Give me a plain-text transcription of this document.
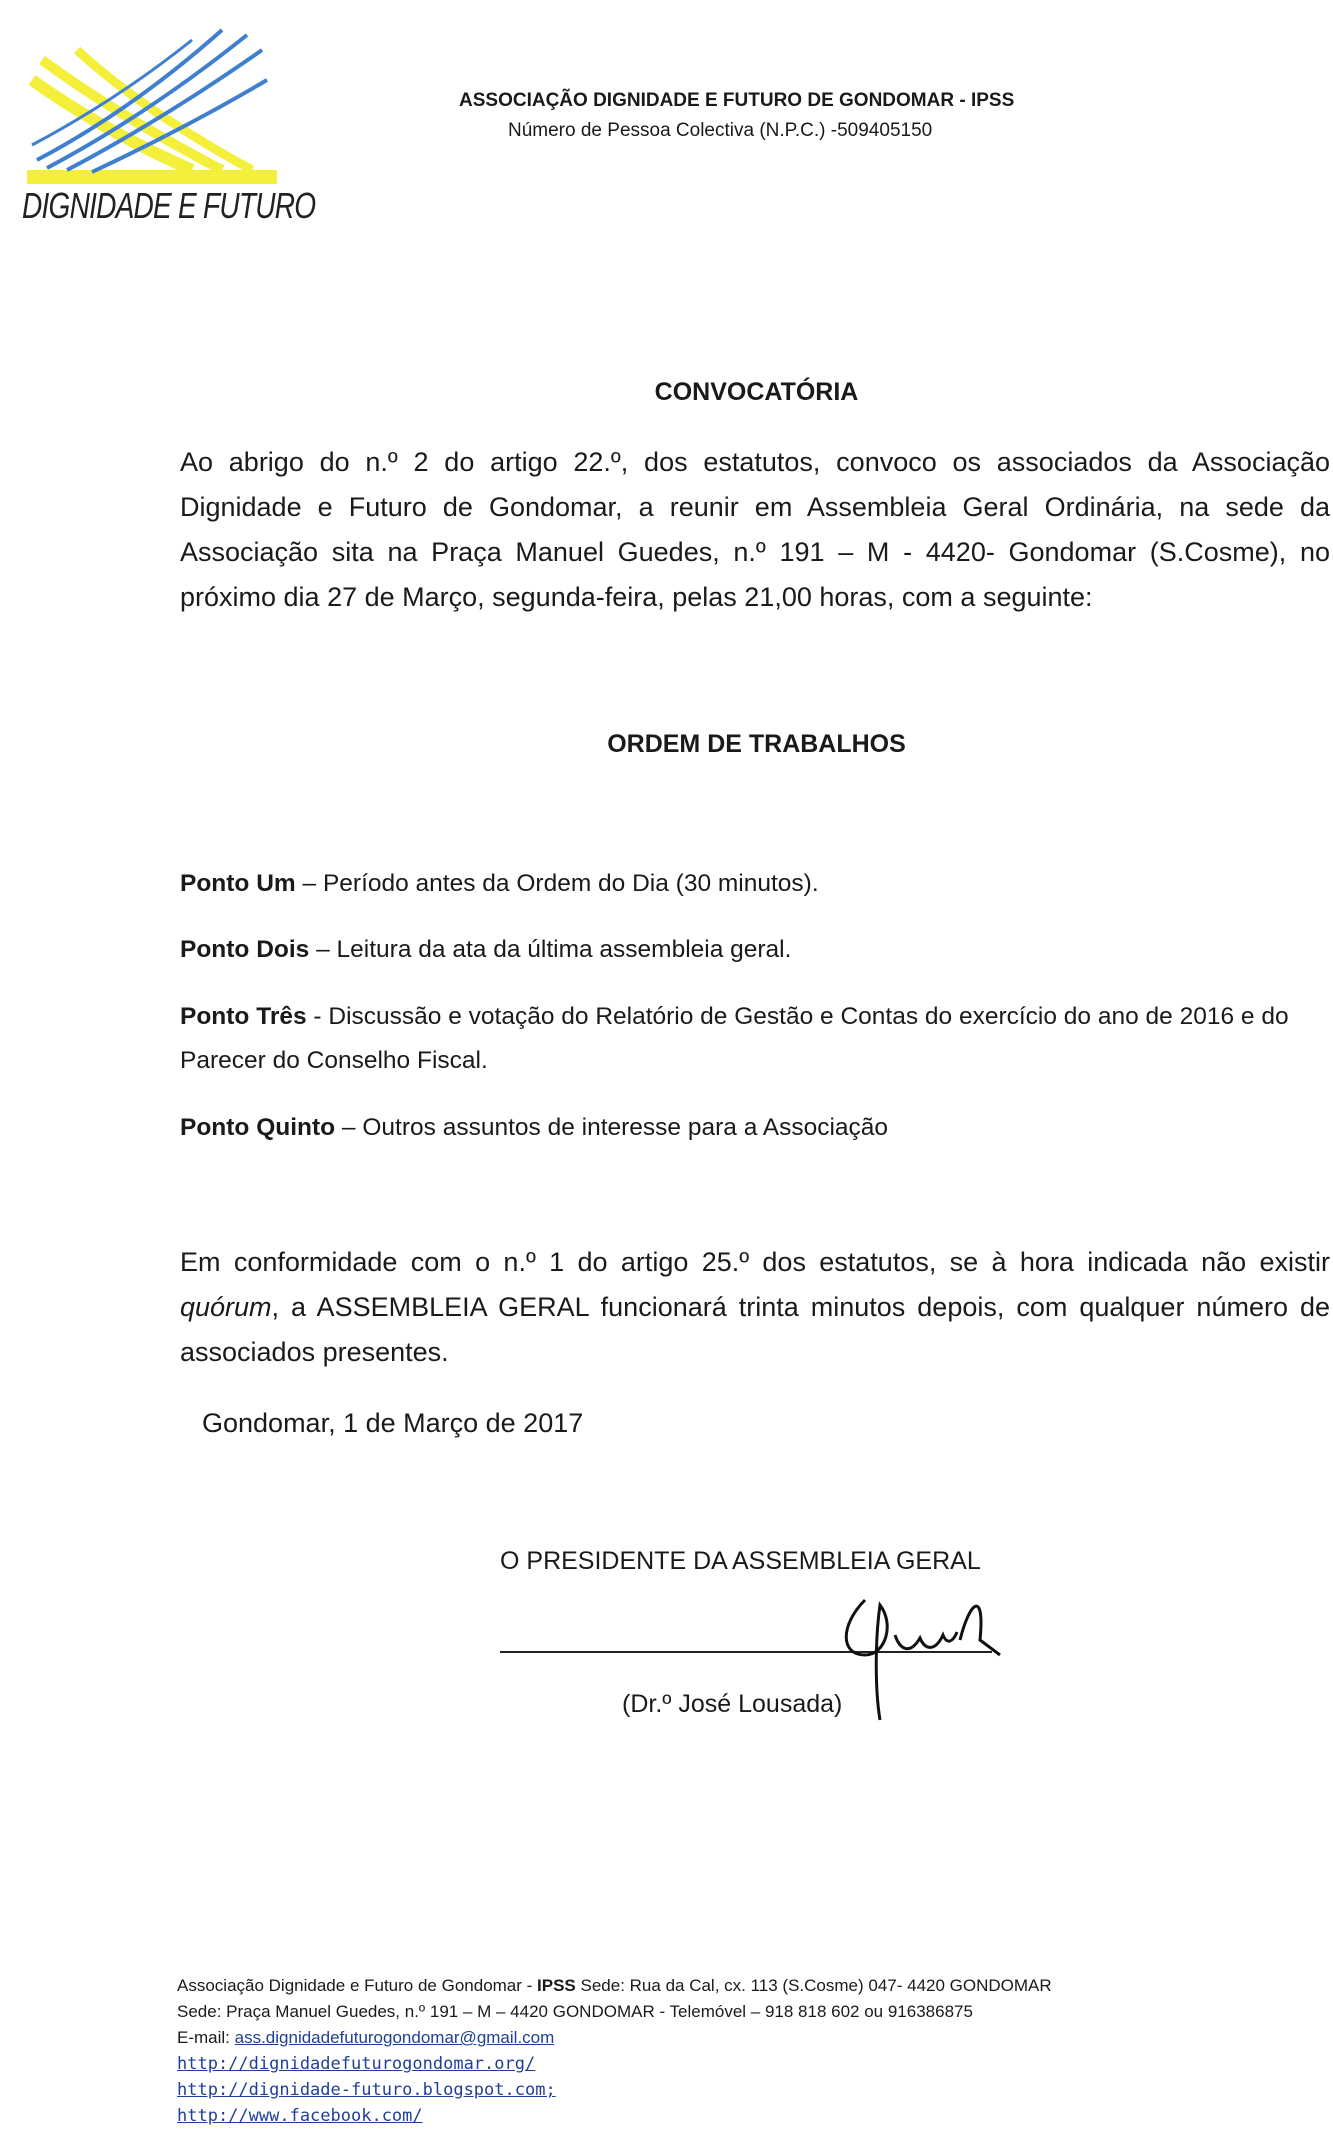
DIGNIDADE E FUTURO
ASSOCIAÇÃO DIGNIDADE E FUTURO DE GONDOMAR - IPSS
Número de Pessoa Colectiva (N.P.C.) -509405150
CONVOCATÓRIA
Ao abrigo do n.º 2 do artigo 22.º, dos estatutos, convoco os associados da Associação Dignidade e Futuro de Gondomar, a reunir em Assembleia Geral Ordinária, na sede da Associação sita na Praça Manuel Guedes, n.º 191 – M - 4420- Gondomar (S.Cosme), no próximo dia 27 de Março, segunda-feira, pelas 21,00 horas, com a seguinte:
ORDEM DE TRABALHOS
Ponto Um – Período antes da Ordem do Dia (30 minutos).
Ponto Dois – Leitura da ata da última assembleia geral.
Ponto Três - Discussão e votação do Relatório de Gestão e Contas do exercício do ano de 2016 e do Parecer do Conselho Fiscal.
Ponto Quinto – Outros assuntos de interesse para a Associação
Em conformidade com o n.º 1 do artigo 25.º dos estatutos, se à hora indicada não existir quórum, a ASSEMBLEIA GERAL funcionará trinta minutos depois, com qualquer número de associados presentes.
Gondomar, 1 de Março de 2017
O PRESIDENTE DA ASSEMBLEIA GERAL
(Dr.º José Lousada)
Associação Dignidade e Futuro de Gondomar - IPSS Sede: Rua da Cal, cx. 113 (S.Cosme) 047- 4420 GONDOMAR
Sede: Praça Manuel Guedes, n.º 191 – M – 4420 GONDOMAR - Telemóvel – 918 818 602 ou 916386875
E-mail: ass.dignidadefuturogondomar@gmail.com
http://dignidadefuturogondomar.org/
http://dignidade-futuro.blogspot.com;
http://www.facebook.com/
